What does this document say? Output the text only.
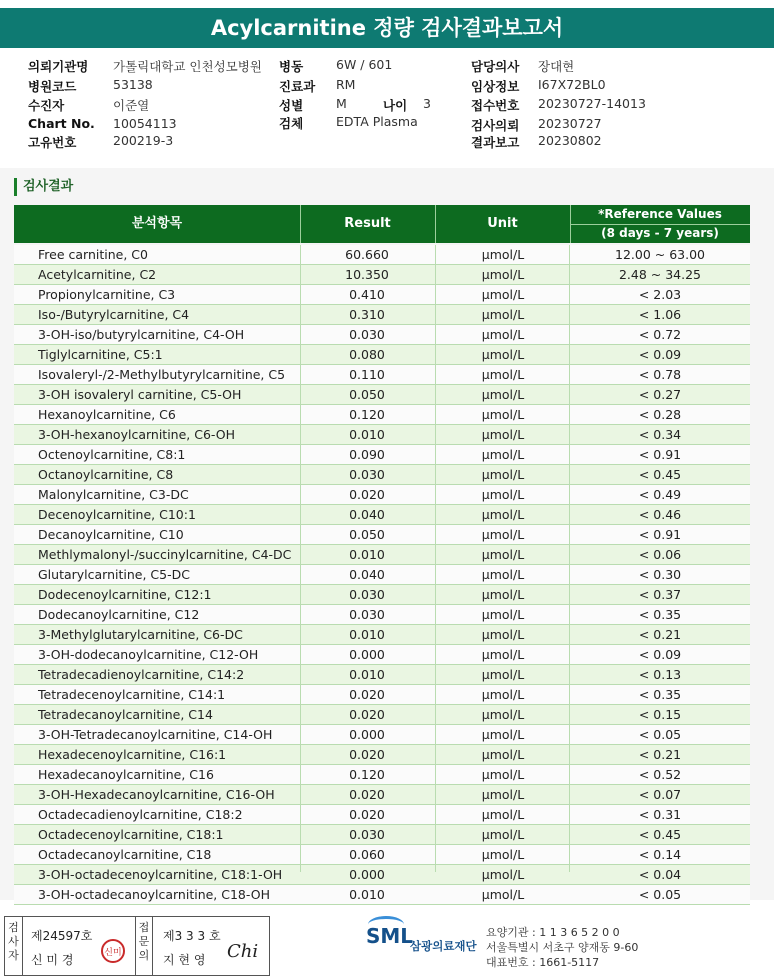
Acylcarnitine 정량 검사결과보고서
의뢰기관명 가톨릭대학교 인천성모병원
병원코드	53138
수진자	이준열
Chart No. 10054113
고유번호	200219-3
병동	6W / 601
진료과 RM
성별	M	나이 3
검체	EDTA Plasma
담당의사 장대현
임상정보 I67X72BL0
접수번호 20230727-14013
검사의뢰 20230727
결과보고 20230802
검사결과
분석항목	Result	Unit
*Reference Values
(8 days - 7 years)
Free carnitine, C0	60.660	μmol/L	12.00 ~ 63.00
Acetylcarnitine, C2	10.350	μmol/L	2.48 ~ 34.25
Propionylcarnitine, C3	0.410	μmol/L	< 2.03
Iso-/Butyrylcarnitine, C4	0.310	μmol/L	< 1.06
3-OH-iso/butyrylcarnitine, C4-OH	0.030	μmol/L	< 0.72
Tiglylcarnitine, C5:1	0.080	μmol/L	< 0.09
Isovaleryl-/2-Methylbutyrylcarnitine, C5	0.110	μmol/L	< 0.78
3-OH isovaleryl carnitine, C5-OH	0.050	μmol/L	< 0.27
Hexanoylcarnitine, C6	0.120	μmol/L	< 0.28
3-OH-hexanoylcarnitine, C6-OH	0.010	μmol/L	< 0.34
Octenoylcarnitine, C8:1	0.090	μmol/L	< 0.91
Octanoylcarnitine, C8	0.030	μmol/L	< 0.45
Malonylcarnitine, C3-DC	0.020	μmol/L	< 0.49
Decenoylcarnitine, C10:1	0.040	μmol/L	< 0.46
Decanoylcarnitine, C10	0.050	μmol/L	< 0.91
Methlymalonyl-/succinylcarnitine, C4-DC	0.010	μmol/L	< 0.06
Glutarylcarnitine, C5-DC	0.040	μmol/L	< 0.30
Dodecenoylcarnitine, C12:1	0.030	μmol/L	< 0.37
Dodecanoylcarnitine, C12	0.030	μmol/L	< 0.35
3-Methylglutarylcarnitine, C6-DC	0.010	μmol/L	< 0.21
3-OH-dodecanoylcarnitine, C12-OH	0.000	μmol/L	< 0.09
Tetradecadienoylcarnitine, C14:2	0.010	μmol/L	< 0.13
Tetradecenoylcarnitine, C14:1	0.020	μmol/L	< 0.35
Tetradecanoylcarnitine, C14	0.020	μmol/L	< 0.15
3-OH-Tetradecanoylcarnitine, C14-OH	0.000	μmol/L	< 0.05
Hexadecenoylcarnitine, C16:1	0.020	μmol/L	< 0.21
Hexadecanoylcarnitine, C16	0.120	μmol/L	< 0.52
3-OH-Hexadecanoylcarnitine, C16-OH	0.020	μmol/L	< 0.07
Octadecadienoylcarnitine, C18:2	0.020	μmol/L	< 0.31
Octadecenoylcarnitine, C18:1	0.030	μmol/L	< 0.45
Octadecanoylcarnitine, C18	0.060	μmol/L	< 0.14
3-OH-octadecenoylcarnitine, C18:1-OH	0.000	μmol/L	< 0.04
3-OH-octadecanoylcarnitine, C18-OH	0.010	μmol/L	< 0.05
검사자
제24597호
신 미 경	신미
접문의
제3 3 3 호
지 현 영 Chi
SML
삼광의료재단
요양기관 : 1 1 3 6 5 2 0 0
서울특별시 서초구 양재동 9-60
대표번호 : 1661-5117
